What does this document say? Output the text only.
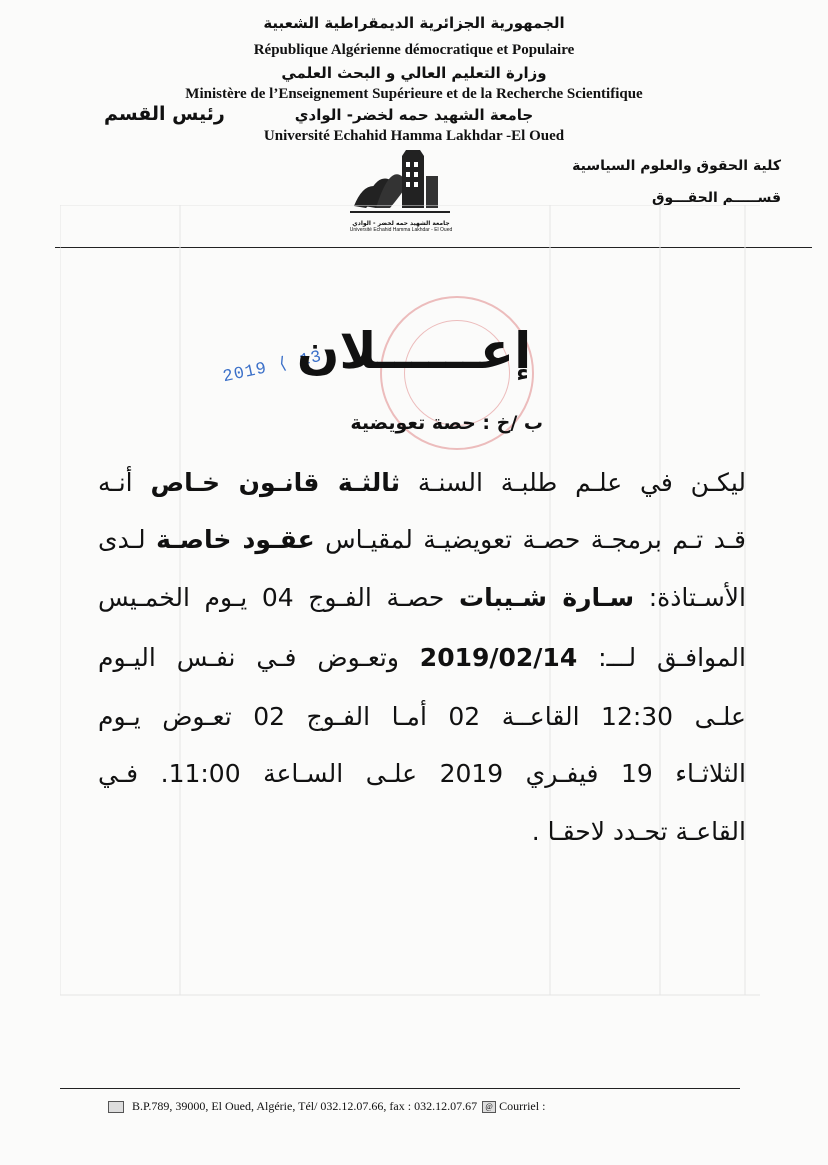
الجمهورية الجزائرية الديمقراطية الشعبية
République Algérienne démocratique et Populaire
وزارة التعليم العالي و البحث العلمي
Ministère de l’Enseignement Supérieure et de la Recherche Scientifique
جامعة الشهيد حمه لخضر- الوادي
Université Echahid Hamma Lakhdar -El Oued
رئيس القسم
كلية الحقوق والعلوم السياسية
قســـــم الحقـــوق
جامعة الشهيد حمه لخضر - الوادي
Université Echahid Hamma Lakhdar - El Oued
2019 ⟨ 13
إعــــــلان
ب /خ : حصة تعويضية
ليكـن في علـم طلبـة السنـة ثالثـة قانـون خـاص أنـه
قـد تـم برمجـة حصـة تعويضيـة لمقيـاس عقـود خاصـة لـدى
الأسـتاذة: سـارة شـيبات حصـة الفـوج 04 يـوم الخمـيس
الموافـق لـــ: 2019/02/14 وتعـوض فـي نفـس اليـوم
علـى 12:30 القاعــة 02 أمـا الفـوج 02 تعـوض يـوم
الثلاثـاء 19 فيفـري 2019 علـى السـاعة 11:00. فـي
القاعـة تحـدد لاحقـا .
B.P.789, 39000, El Oued, Algérie, Tél/ 032.12.07.66, fax : 032.12.07.67 @ Courriel :
